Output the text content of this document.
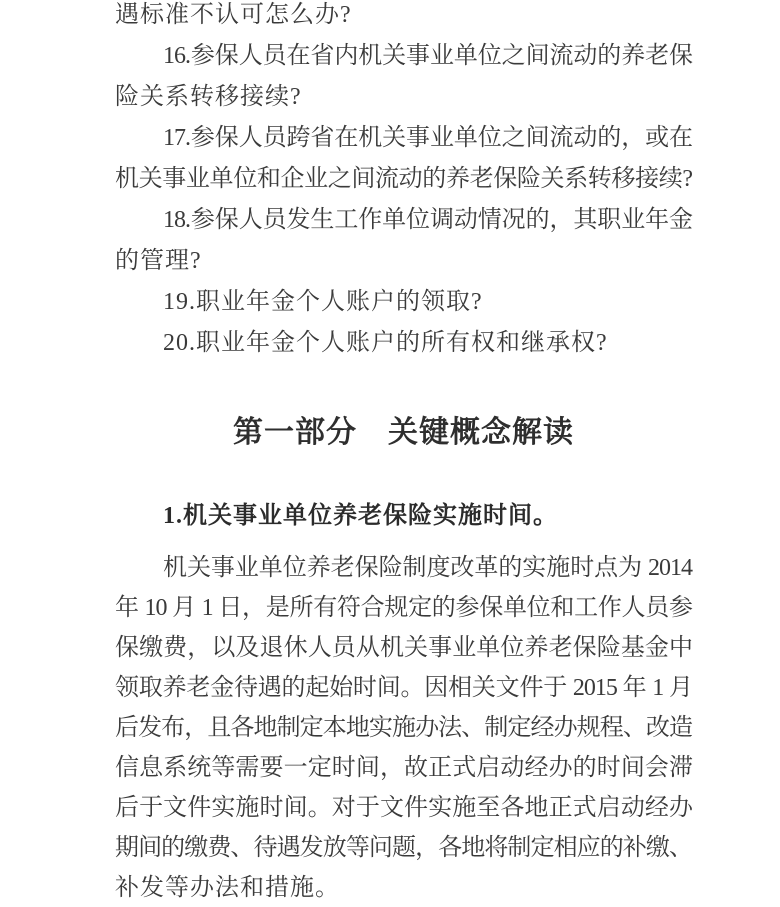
遇标准不认可怎么办?
16.参保人员在省内机关事业单位之间流动的养老保
险关系转移接续?
17.参保人员跨省在机关事业单位之间流动的，或在
机关事业单位和企业之间流动的养老保险关系转移接续?
18.参保人员发生工作单位调动情况的，其职业年金
的管理?
19.职业年金个人账户的领取?
20.职业年金个人账户的所有权和继承权?
第一部分　关键概念解读
1.机关事业单位养老保险实施时间。
机关事业单位养老保险制度改革的实施时点为 2014
年 10 月 1 日，是所有符合规定的参保单位和工作人员参
保缴费，以及退休人员从机关事业单位养老保险基金中
领取养老金待遇的起始时间。因相关文件于 2015 年 1 月
后发布，且各地制定本地实施办法、制定经办规程、改造
信息系统等需要一定时间，故正式启动经办的时间会滞
后于文件实施时间。对于文件实施至各地正式启动经办
期间的缴费、待遇发放等问题，各地将制定相应的补缴、
补发等办法和措施。
